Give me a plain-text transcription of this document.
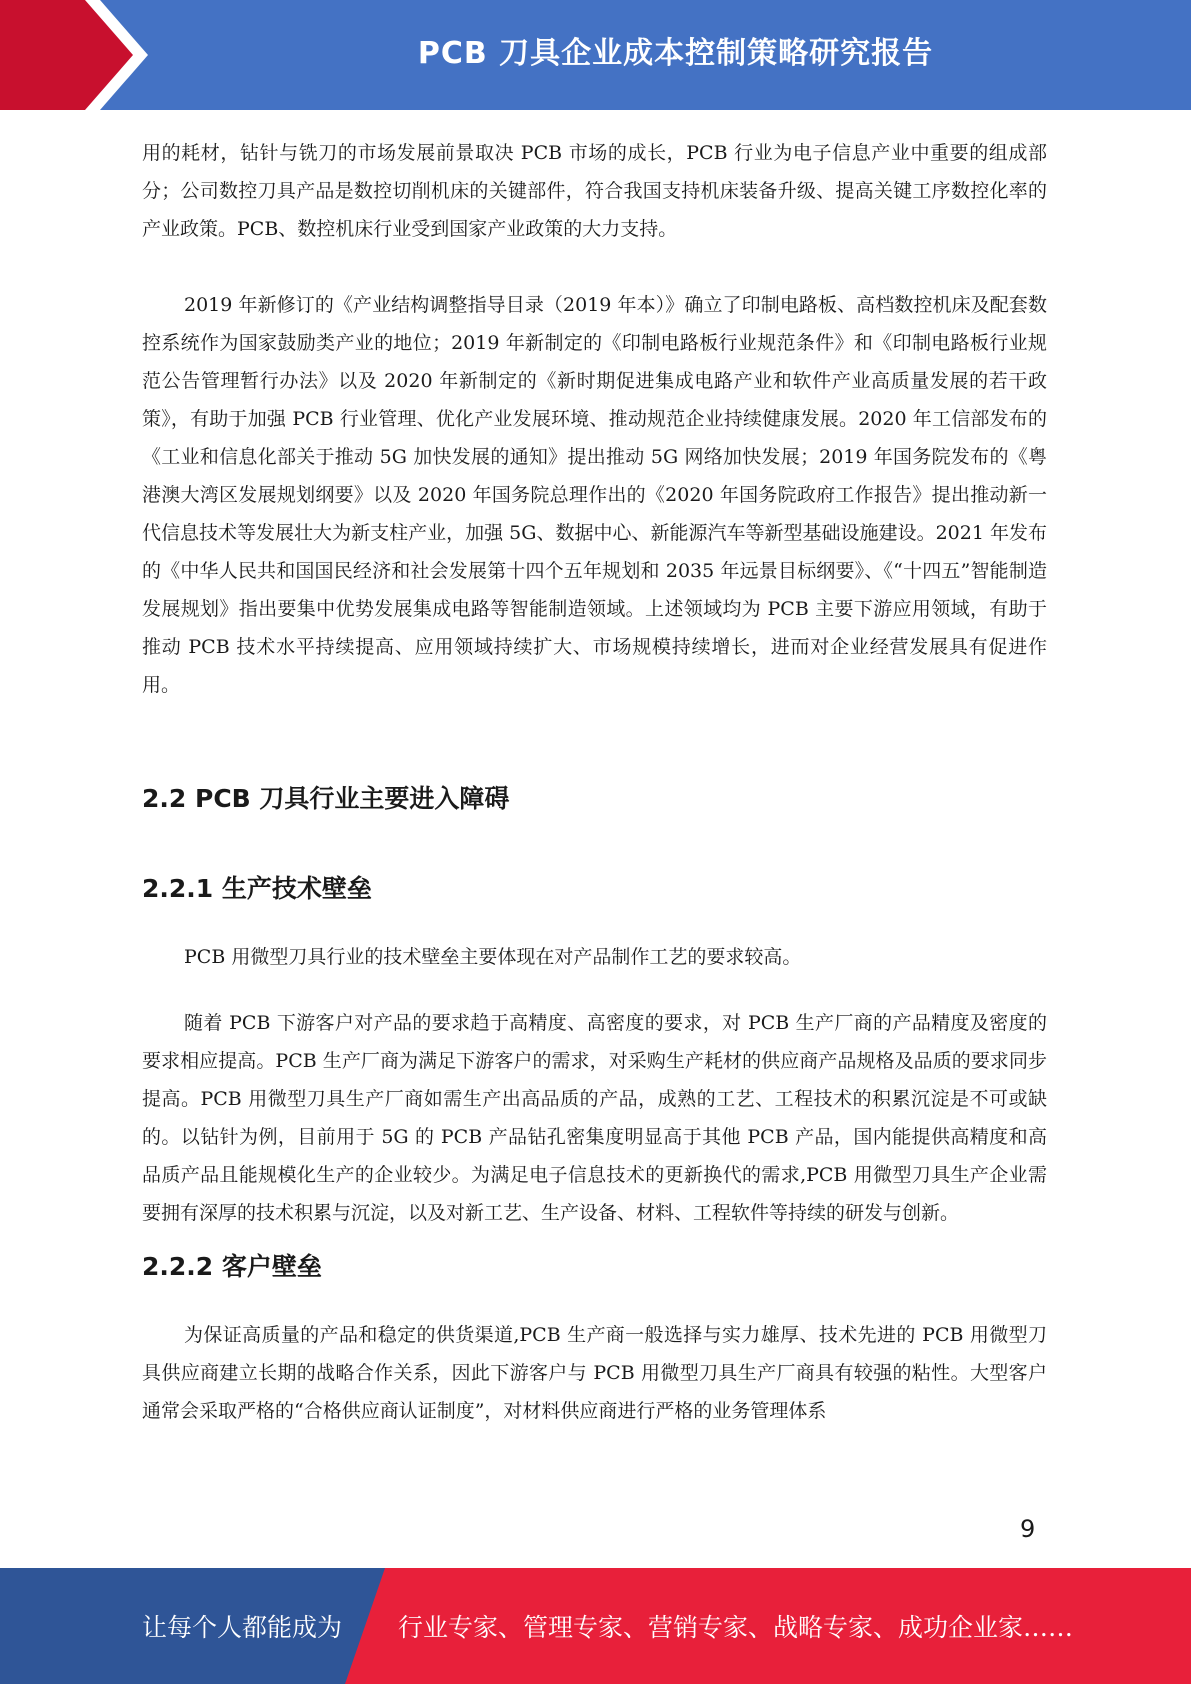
PCB 刀具企业成本控制策略研究报告

用的耗材，钻针与铣刀的市场发展前景取决 PCB 市场的成长，PCB 行业为电子信息产业中重要的组成部分；公司数控刀具产品是数控切削机床的关键部件，符合我国支持机床装备升级、提高关键工序数控化率的产业政策。PCB、数控机床行业受到国家产业政策的大力支持。

2019 年新修订的《产业结构调整指导目录（2019 年本）》确立了印制电路板、高档数控机床及配套数控系统作为国家鼓励类产业的地位；2019 年新制定的《印制电路板行业规范条件》和《印制电路板行业规范公告管理暂行办法》以及 2020 年新制定的《新时期促进集成电路产业和软件产业高质量发展的若干政策》，有助于加强 PCB 行业管理、优化产业发展环境、推动规范企业持续健康发展。2020 年工信部发布的《工业和信息化部关于推动 5G 加快发展的通知》提出推动 5G 网络加快发展；2019 年国务院发布的《粤港澳大湾区发展规划纲要》以及 2020 年国务院总理作出的《2020 年国务院政府工作报告》提出推动新一代信息技术等发展壮大为新支柱产业，加强 5G、数据中心、新能源汽车等新型基础设施建设。2021 年发布的《中华人民共和国国民经济和社会发展第十四个五年规划和 2035 年远景目标纲要》、《“十四五”智能制造发展规划》指出要集中优势发展集成电路等智能制造领域。上述领域均为 PCB 主要下游应用领域，有助于推动 PCB 技术水平持续提高、应用领域持续扩大、市场规模持续增长，进而对企业经营发展具有促进作用。

2.2 PCB 刀具行业主要进入障碍
2.2.1 生产技术壁垒

PCB 用微型刀具行业的技术壁垒主要体现在对产品制作工艺的要求较高。

随着 PCB 下游客户对产品的要求趋于高精度、高密度的要求，对 PCB 生产厂商的产品精度及密度的要求相应提高。PCB 生产厂商为满足下游客户的需求，对采购生产耗材的供应商产品规格及品质的要求同步提高。PCB 用微型刀具生产厂商如需生产出高品质的产品，成熟的工艺、工程技术的积累沉淀是不可或缺的。以钻针为例，目前用于 5G 的 PCB 产品钻孔密集度明显高于其他 PCB 产品，国内能提供高精度和高品质产品且能规模化生产的企业较少。为满足电子信息技术的更新换代的需求,PCB 用微型刀具生产企业需要拥有深厚的技术积累与沉淀，以及对新工艺、生产设备、材料、工程软件等持续的研发与创新。

2.2.2 客户壁垒

为保证高质量的产品和稳定的供货渠道,PCB 生产商一般选择与实力雄厚、技术先进的 PCB 用微型刀具供应商建立长期的战略合作关系，因此下游客户与 PCB 用微型刀具生产厂商具有较强的粘性。大型客户通常会采取严格的“合格供应商认证制度”，对材料供应商进行严格的业务管理体系

9
让每个人都能成为 行业专家、管理专家、营销专家、战略专家、成功企业家……
